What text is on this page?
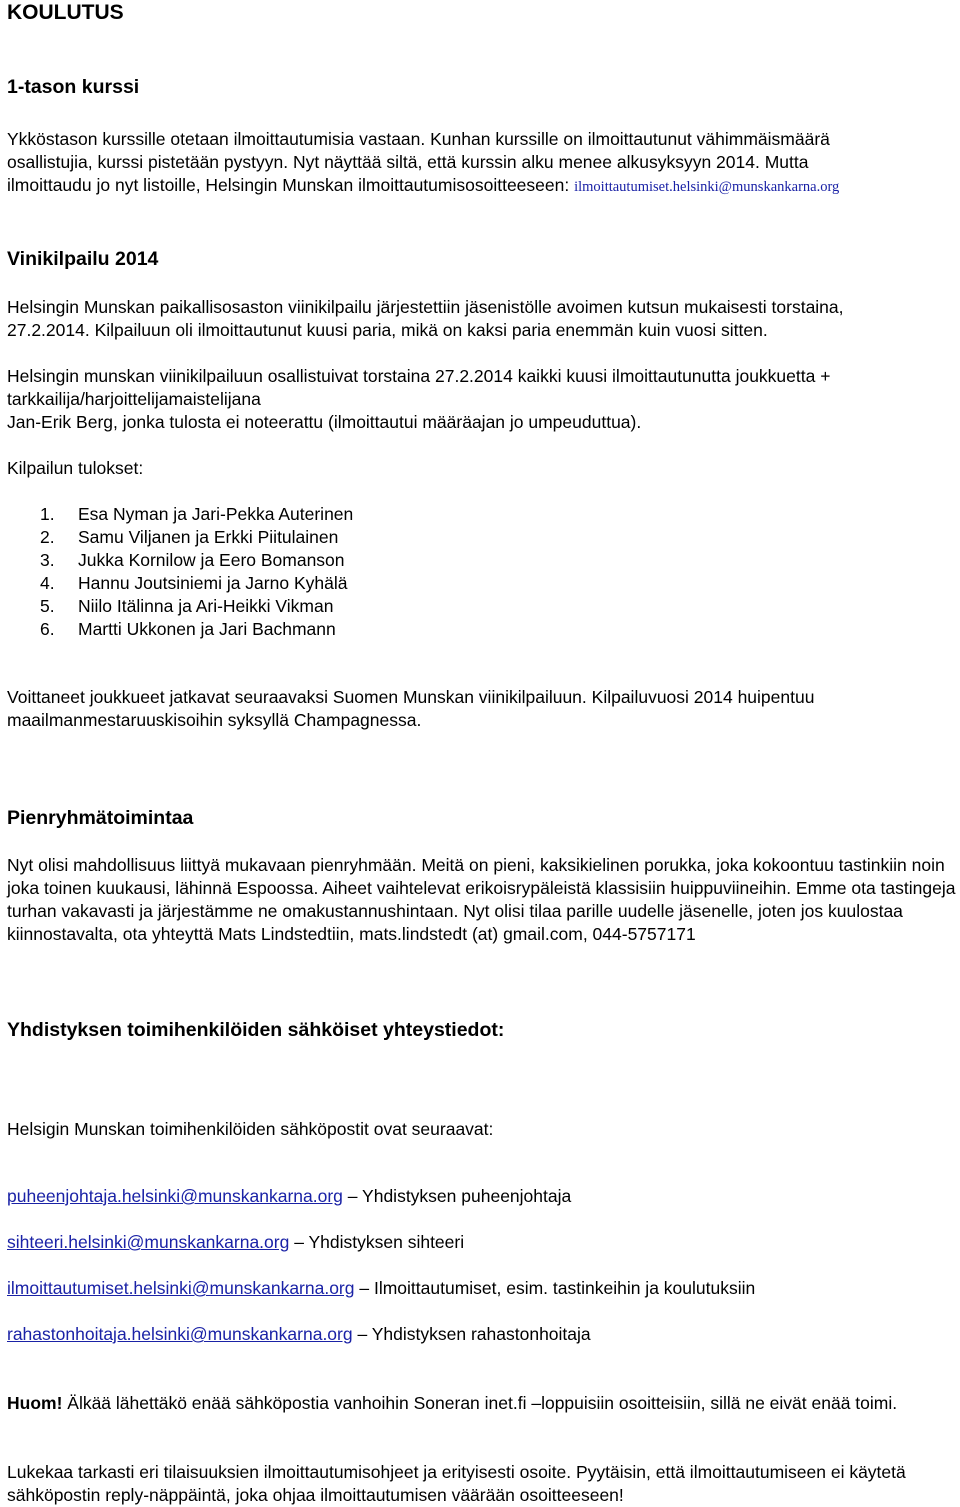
KOULUTUS
1-tason kurssi
Ykköstason kurssille otetaan ilmoittautumisia vastaan. Kunhan kurssille on ilmoittautunut vähimmäismäärä
osallistujia, kurssi pistetään pystyyn. Nyt näyttää siltä, että kurssin alku menee alkusyksyyn 2014. Mutta
ilmoittaudu jo nyt listoille, Helsingin Munskan ilmoittautumisosoitteeseen: ilmoittautumiset.helsinki@munskankarna.org
Vinikilpailu 2014
Helsingin Munskan paikallisosaston viinikilpailu järjestettiin jäsenistölle avoimen kutsun mukaisesti torstaina,
27.2.2014. Kilpailuun oli ilmoittautunut kuusi paria, mikä on kaksi paria enemmän kuin vuosi sitten.
Helsingin munskan viinikilpailuun osallistuivat torstaina 27.2.2014 kaikki kuusi ilmoittautunutta joukkuetta +
tarkkailija/harjoittelijamaistelijana
Jan-Erik Berg, jonka tulosta ei noteerattu (ilmoittautui määräajan jo umpeuduttua).
Kilpailun tulokset:
1. Esa Nyman ja Jari-Pekka Auterinen
2. Samu Viljanen ja Erkki Piitulainen
3. Jukka Kornilow ja Eero Bomanson
4. Hannu Joutsiniemi ja Jarno Kyhälä
5. Niilo Itälinna ja Ari-Heikki Vikman
6. Martti Ukkonen ja Jari Bachmann
Voittaneet joukkueet jatkavat seuraavaksi Suomen Munskan viinikilpailuun. Kilpailuvuosi 2014 huipentuu
maailmanmestaruuskisoihin syksyllä Champagnessa.
Pienryhmätoimintaa

Nyt olisi mahdollisuus liittyä mukavaan pienryhmään. Meitä on pieni, kaksikielinen porukka, joka kokoontuu tastinkiin noin joka toinen kuukausi, lähinnä Espoossa. Aiheet vaihtelevat erikoisrypäleistä klassisiin huippuviineihin. Emme ota tastingeja turhan vakavasti ja järjestämme ne omakustannushintaan. Nyt olisi tilaa parille uudelle jäsenelle, joten jos kuulostaa kiinnostavalta, ota yhteyttä Mats Lindstedtiin, mats.lindstedt (at) gmail.com, 044-5757171

Yhdistyksen toimihenkilöiden sähköiset yhteystiedot:
Helsigin Munskan toimihenkilöiden sähköpostit ovat seuraavat:
puheenjohtaja.helsinki@munskankarna.org – Yhdistyksen puheenjohtaja
sihteeri.helsinki@munskankarna.org – Yhdistyksen sihteeri
ilmoittautumiset.helsinki@munskankarna.org – Ilmoittautumiset, esim. tastinkeihin ja koulutuksiin
rahastonhoitaja.helsinki@munskankarna.org – Yhdistyksen rahastonhoitaja

Huom! Älkää lähettäkö enää sähköpostia vanhoihin Soneran inet.fi –loppuisiin osoitteisiin, sillä ne eivät enää toimi.

Lukekaa tarkasti eri tilaisuuksien ilmoittautumisohjeet ja erityisesti osoite. Pyytäisin, että ilmoittautumiseen ei käytetä sähköpostin reply-näppäintä, joka ohjaa ilmoittautumisen väärään osoitteeseen!
